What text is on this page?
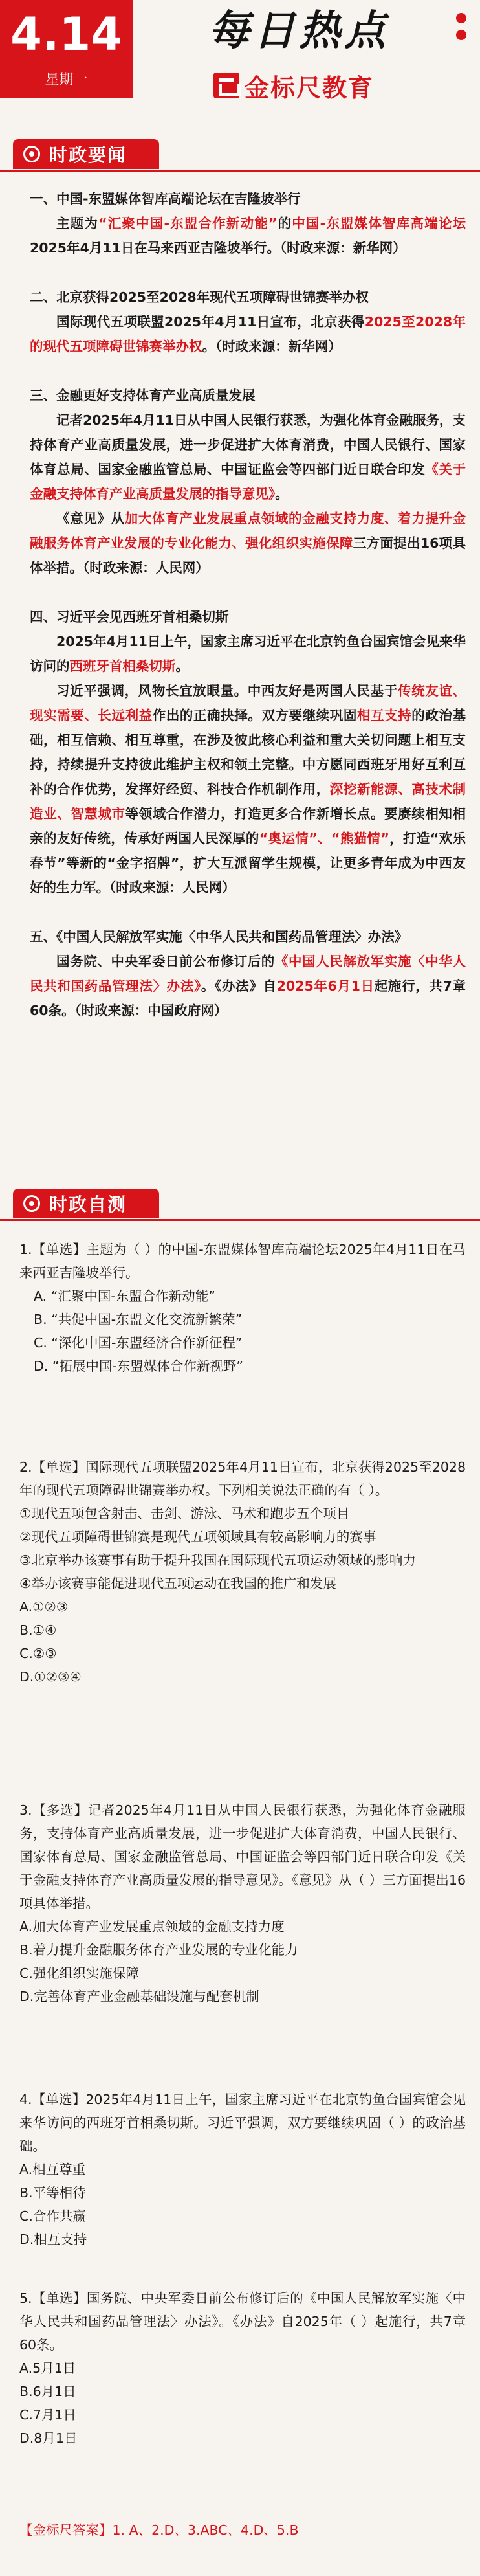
4.14
星期一
每日热点
金标尺教育
时政要闻

一、中国-东盟媒体智库高端论坛在吉隆坡举行

主题为“汇聚中国-东盟合作新动能”的中国-东盟媒体智库高端论坛2025年4月11日在马来西亚吉隆坡举行。（时政来源：新华网）

二、北京获得2025至2028年现代五项障碍世锦赛举办权

国际现代五项联盟2025年4月11日宣布，北京获得2025至2028年的现代五项障碍世锦赛举办权。（时政来源：新华网）

三、金融更好支持体育产业高质量发展

记者2025年4月11日从中国人民银行获悉，为强化体育金融服务，支持体育产业高质量发展，进一步促进扩大体育消费，中国人民银行、国家体育总局、国家金融监管总局、中国证监会等四部门近日联合印发《关于金融支持体育产业高质量发展的指导意见》。

《意见》从加大体育产业发展重点领域的金融支持力度、着力提升金融服务体育产业发展的专业化能力、强化组织实施保障三方面提出16项具体举措。（时政来源：人民网）

四、习近平会见西班牙首相桑切斯

2025年4月11日上午，国家主席习近平在北京钓鱼台国宾馆会见来华访问的西班牙首相桑切斯。

习近平强调，风物长宜放眼量。中西友好是两国人民基于传统友谊、现实需要、长远利益作出的正确抉择。双方要继续巩固相互支持的政治基础，相互信赖、相互尊重，在涉及彼此核心利益和重大关切问题上相互支持，持续提升支持彼此维护主权和领土完整。中方愿同西班牙用好互利互补的合作优势，发挥好经贸、科技合作机制作用，深挖新能源、高技术制造业、智慧城市等领域合作潜力，打造更多合作新增长点。要赓续相知相亲的友好传统，传承好两国人民深厚的“奥运情”、“熊猫情”，打造“欢乐春节”等新的“金字招牌”，扩大互派留学生规模，让更多青年成为中西友好的生力军。（时政来源：人民网）

五、《中国人民解放军实施〈中华人民共和国药品管理法〉办法》

国务院、中央军委日前公布修订后的《中国人民解放军实施〈中华人民共和国药品管理法〉办法》。《办法》自2025年6月1日起施行，共7章60条。（时政来源：中国政府网）

时政自测

1.【单选】主题为（ ）的中国-东盟媒体智库高端论坛2025年4月11日在马来西亚吉隆坡举行。

A. “汇聚中国-东盟合作新动能”

B. “共促中国-东盟文化交流新繁荣”

C. “深化中国-东盟经济合作新征程”

D. “拓展中国-东盟媒体合作新视野”

2.【单选】国际现代五项联盟2025年4月11日宣布，北京获得2025至2028年的现代五项障碍世锦赛举办权。下列相关说法正确的有（ ）。

①现代五项包含射击、击剑、游泳、马术和跑步五个项目

②现代五项障碍世锦赛是现代五项领域具有较高影响力的赛事

③北京举办该赛事有助于提升我国在国际现代五项运动领域的影响力

④举办该赛事能促进现代五项运动在我国的推广和发展

A.①②③

B.①④

C.②③

D.①②③④

3.【多选】记者2025年4月11日从中国人民银行获悉，为强化体育金融服务，支持体育产业高质量发展，进一步促进扩大体育消费，中国人民银行、国家体育总局、国家金融监管总局、中国证监会等四部门近日联合印发《关于金融支持体育产业高质量发展的指导意见》。《意见》从（ ）三方面提出16项具体举措。

A.加大体育产业发展重点领域的金融支持力度

B.着力提升金融服务体育产业发展的专业化能力

C.强化组织实施保障

D.完善体育产业金融基础设施与配套机制

4.【单选】2025年4月11日上午，国家主席习近平在北京钓鱼台国宾馆会见来华访问的西班牙首相桑切斯。习近平强调，双方要继续巩固（ ）的政治基础。

A.相互尊重

B.平等相待

C.合作共赢

D.相互支持

5.【单选】国务院、中央军委日前公布修订后的《中国人民解放军实施〈中华人民共和国药品管理法〉办法》。《办法》自2025年（ ）起施行，共7章60条。

A.5月1日

B.6月1日

C.7月1日

D.8月1日

【金标尺答案】1. A、2.D、3.ABC、4.D、5.B
